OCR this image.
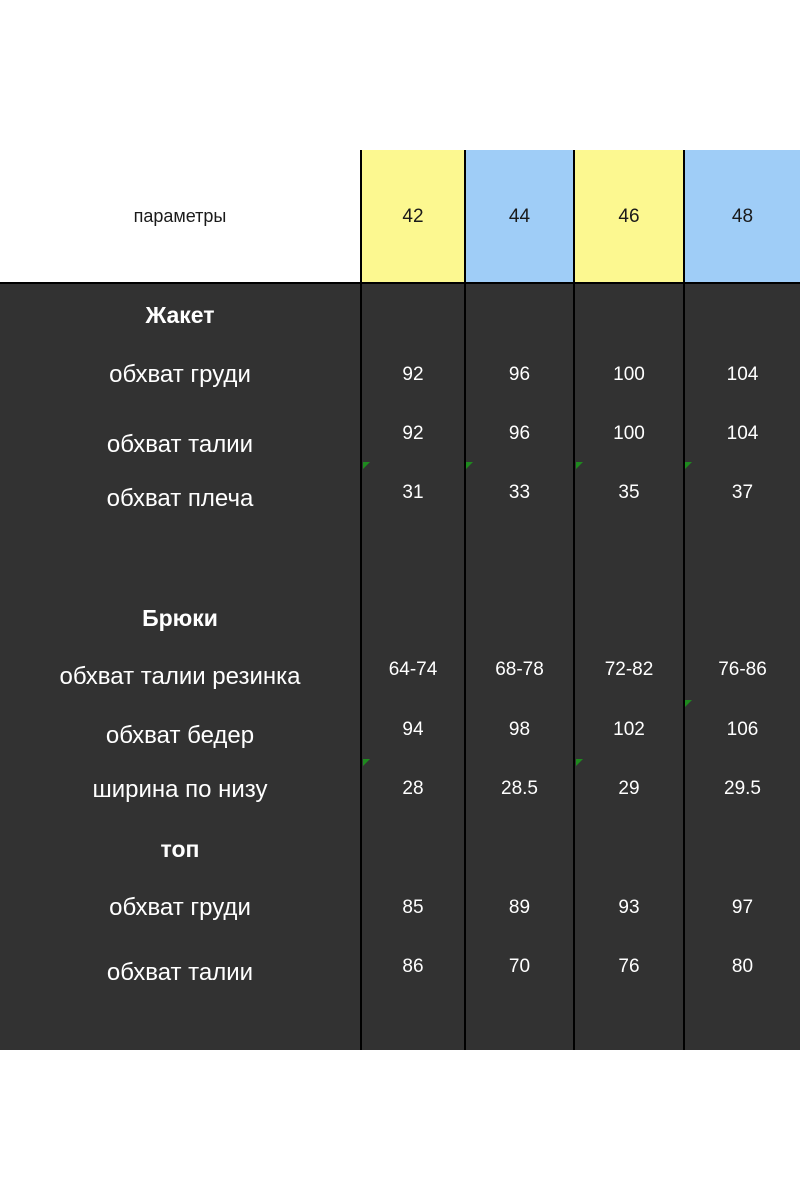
параметры	42	44	46	48
Жакет
обхват груди	92	96	100	104
обхват талии	92	96	100	104
обхват плеча	31	33	35	37
Брюки
обхват талии резинка	64-74	68-78	72-82	76-86
обхват бедер	94	98	102	106
ширина по низу	28	28.5	29	29.5
топ
обхват груди	85	89	93	97
обхват талии	86	70	76	80
